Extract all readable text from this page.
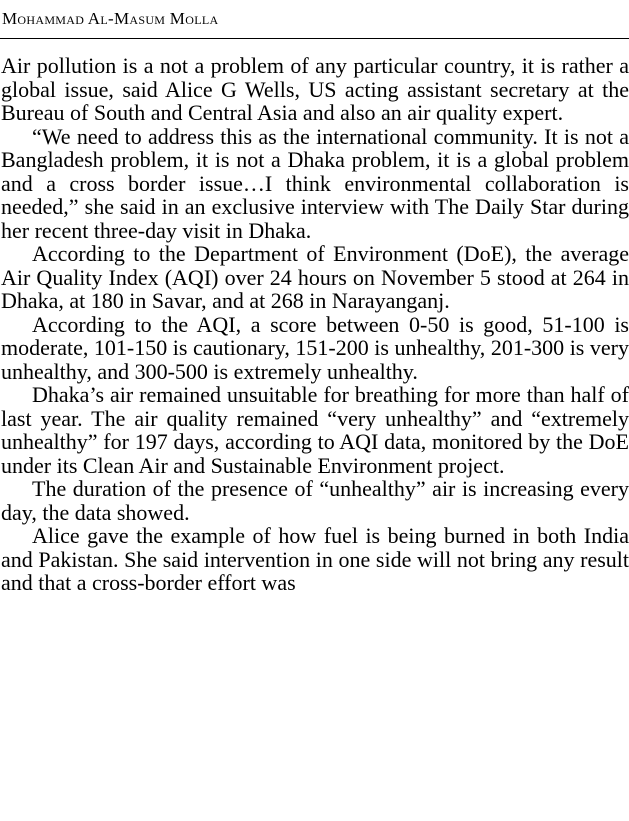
Mohammad Al-Masum Molla

Air pollution is a not a problem of any particular country, it is rather a global issue, said Alice G Wells, US acting assistant secretary at the Bureau of South and Central Asia and also an air quality expert.

“We need to address this as the international community. It is not a Bangladesh problem, it is not a Dhaka problem, it is a global problem and a cross border issue…I think environmental collaboration is needed,” she said in an exclusive interview with The Daily Star during her recent three-day visit in Dhaka.

According to the Department of Environment (DoE), the average Air Quality Index (AQI) over 24 hours on November 5 stood at 264 in Dhaka, at 180 in Savar, and at 268 in Narayanganj.

According to the AQI, a score between 0-50 is good, 51-100 is moderate, 101-150 is cautionary, 151-200 is unhealthy, 201-300 is very unhealthy, and 300-500 is extremely unhealthy.

Dhaka’s air remained unsuitable for breathing for more than half of last year. The air quality remained “very unhealthy” and “extremely unhealthy” for 197 days, according to AQI data, monitored by the DoE under its Clean Air and Sustainable Environment project.

The duration of the presence of “unhealthy” air is increasing every day, the data showed.

Alice gave the example of how fuel is being burned in both India and Pakistan. She said intervention in one side will not bring any result and that a cross-border effort was
